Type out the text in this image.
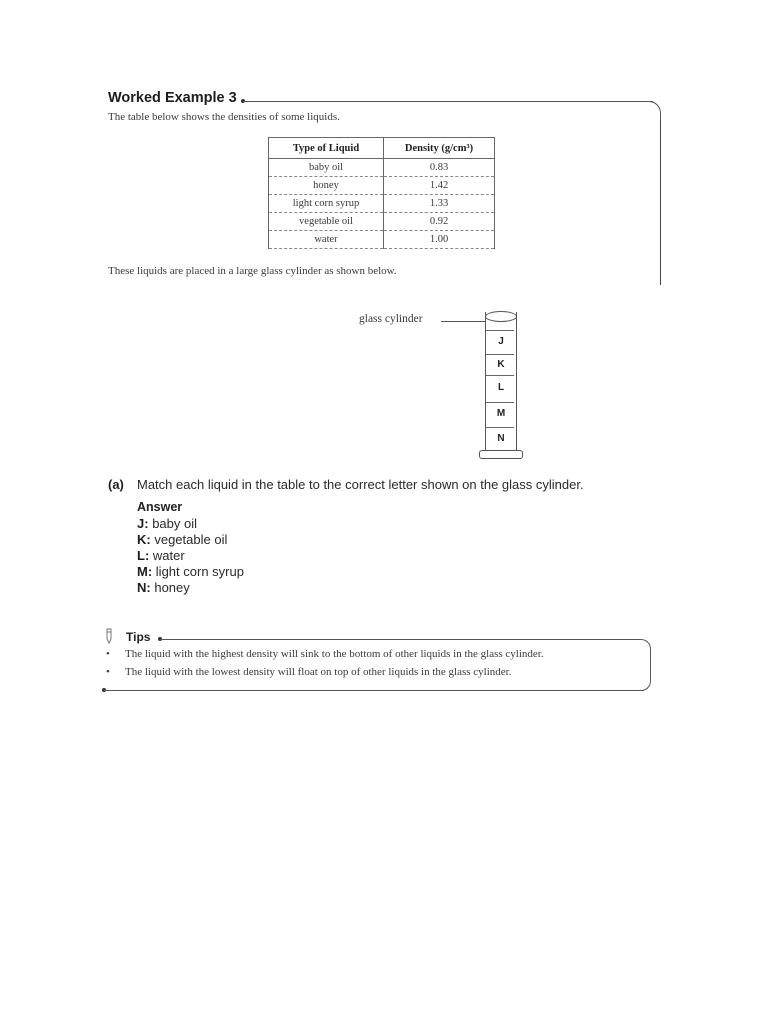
Worked Example 3
The table below shows the densities of some liquids.
Type of Liquid	Density (g/cm³)
baby oil	0.83
honey	1.42
light corn syrup	1.33
vegetable oil	0.92
water	1.00
These liquids are placed in a large glass cylinder as shown below.
glass cylinder
J
K
L
M
N
(a) Match each liquid in the table to the correct letter shown on the glass cylinder.
Answer
J: baby oil
K: vegetable oil
L: water
M: light corn syrup
N: honey
Tips
• The liquid with the highest density will sink to the bottom of other liquids in the glass cylinder.
• The liquid with the lowest density will float on top of other liquids in the glass cylinder.
